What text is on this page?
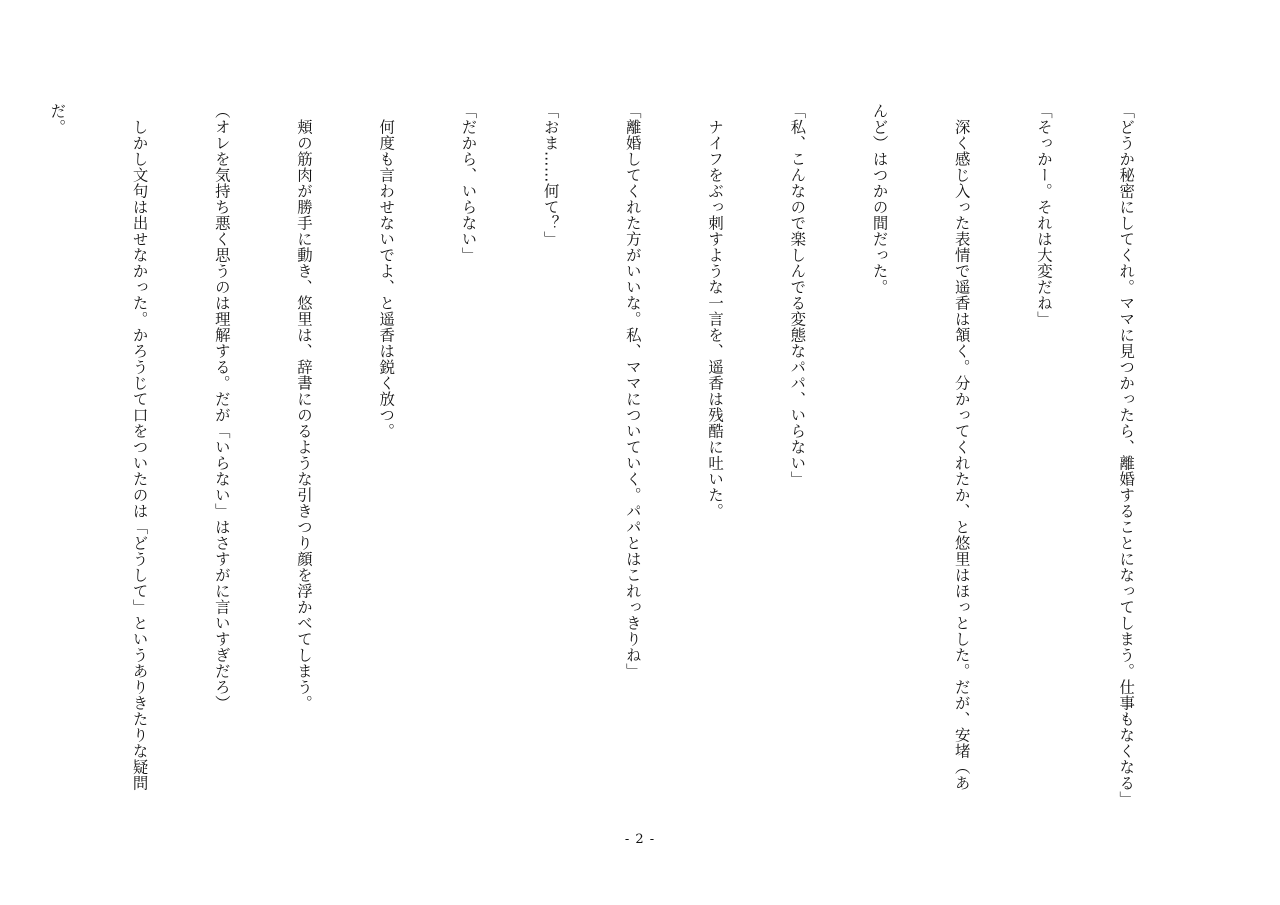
「どうか秘密にしてくれ。ママに見つかったら、離婚することになってしまう。仕事もなくなる」

「そっかー。それは大変だね」

　深く感じ入った表情で遥香は頷く。分かってくれたか、と悠里はほっとした。だが、安堵（あ

んど）はつかの間だった。

「私、こんなので楽しんでる変態なパパ、いらない」

　ナイフをぶっ刺すような一言を、遥香は残酷に吐いた。

「離婚してくれた方がいいな。私、ママについていく。パパとはこれっきりね」

「おま……何て？」

「だから、いらない」

　何度も言わせないでよ、と遥香は鋭く放つ。

　頬の筋肉が勝手に動き、悠里は、辞書にのるような引きつり顔を浮かべてしまう。

（オレを気持ち悪く思うのは理解する。だが「いらない」はさすがに言いすぎだろ）

　しかし文句は出せなかった。かろうじて口をついたのは「どうして」というありきたりな疑問

だ。

- 2 -
